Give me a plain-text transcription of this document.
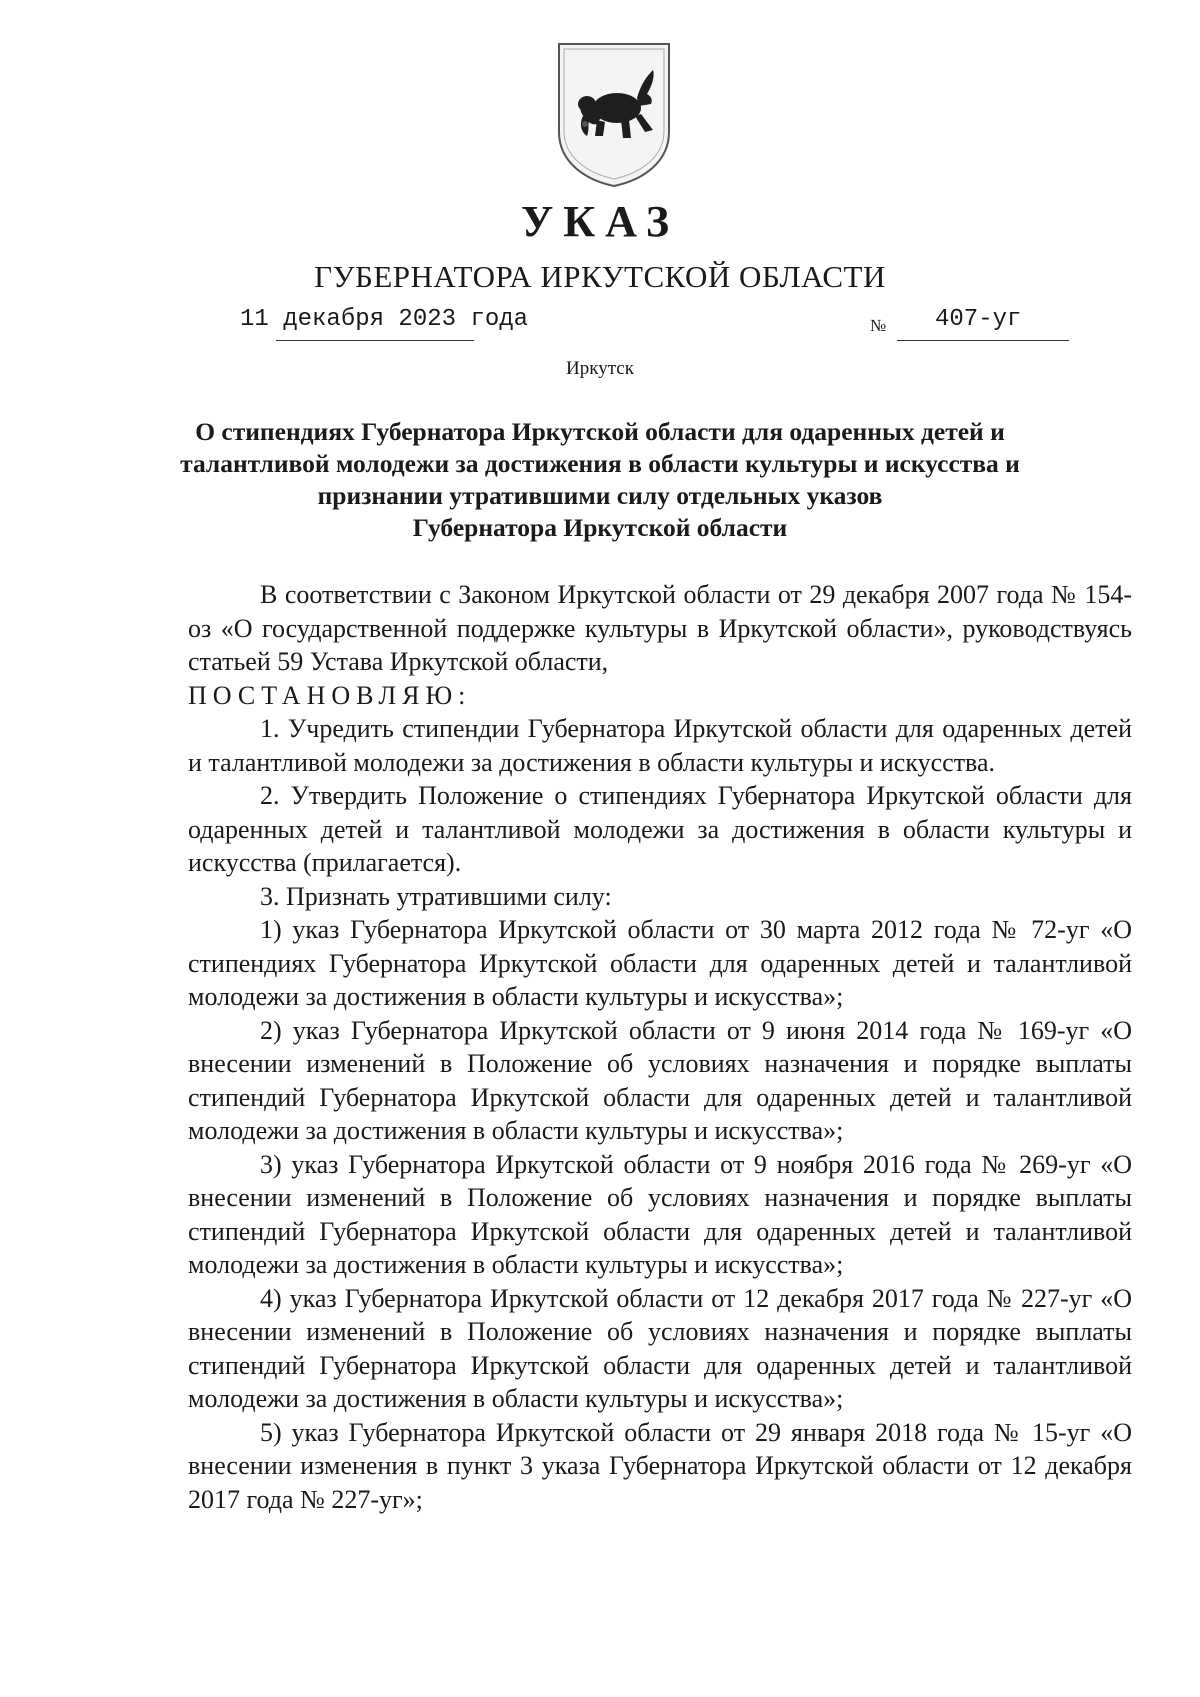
УКАЗ
ГУБЕРНАТОРА ИРКУТСКОЙ ОБЛАСТИ
11 декабря 2023 года	№ 407-уг
Иркутск
О стипендиях Губернатора Иркутской области для одаренных детей и
талантливой молодежи за достижения в области культуры и искусства и
признании утратившими силу отдельных указов
Губернатора Иркутской области

В соответствии с Законом Иркутской области от 29 декабря 2007 года № 154-оз «О государственной поддержке культуры в Иркутской области», руководствуясь статьей 59 Устава Иркутской области,

ПОСТАНОВЛЯЮ:

1. Учредить стипендии Губернатора Иркутской области для одаренных детей и талантливой молодежи за достижения в области культуры и искусства.

2. Утвердить Положение о стипендиях Губернатора Иркутской области для одаренных детей и талантливой молодежи за достижения в области культуры и искусства (прилагается).

3. Признать утратившими силу:

1) указ Губернатора Иркутской области от 30 марта 2012 года № 72-уг «О стипендиях Губернатора Иркутской области для одаренных детей и талантливой молодежи за достижения в области культуры и искусства»;

2) указ Губернатора Иркутской области от 9 июня 2014 года № 169-уг «О внесении изменений в Положение об условиях назначения и порядке выплаты стипендий Губернатора Иркутской области для одаренных детей и талантливой молодежи за достижения в области культуры и искусства»;

3) указ Губернатора Иркутской области от 9 ноября 2016 года № 269-уг «О внесении изменений в Положение об условиях назначения и порядке выплаты стипендий Губернатора Иркутской области для одаренных детей и талантливой молодежи за достижения в области культуры и искусства»;

4) указ Губернатора Иркутской области от 12 декабря 2017 года № 227-уг «О внесении изменений в Положение об условиях назначения и порядке выплаты стипендий Губернатора Иркутской области для одаренных детей и талантливой молодежи за достижения в области культуры и искусства»;

5) указ Губернатора Иркутской области от 29 января 2018 года № 15-уг «О внесении изменения в пункт 3 указа Губернатора Иркутской области от 12 декабря 2017 года № 227-уг»;
